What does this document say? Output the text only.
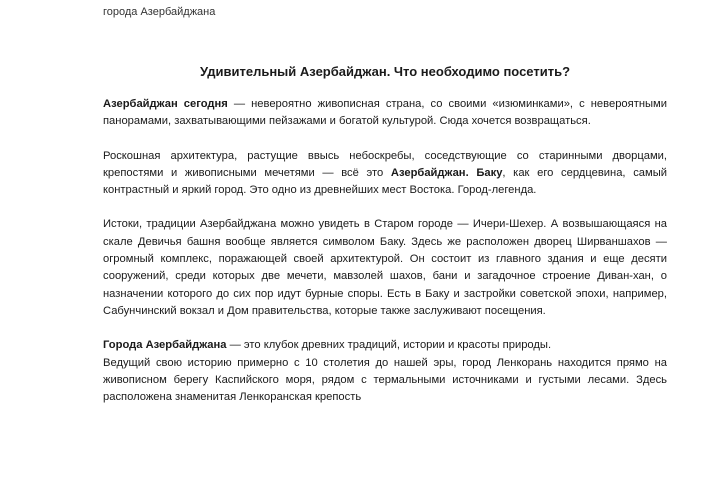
города Азербайджана
Удивительный Азербайджан. Что необходимо посетить?

Азербайджан сегодня — невероятно живописная страна, со своими «изюминками», с невероятными панорамами, захватывающими пейзажами и богатой культурой. Сюда хочется возвращаться.

Роскошная архитектура, растущие ввысь небоскребы, соседствующие со старинными дворцами, крепостями и живописными мечетями — всё это Азербайджан. Баку, как его сердцевина, самый контрастный и яркий город. Это одно из древнейших мест Востока. Город-легенда.

Истоки, традиции Азербайджана можно увидеть в Старом городе — Ичери-Шехер. А возвышающаяся на скале Девичья башня вообще является символом Баку. Здесь же расположен дворец Ширваншахов — огромный комплекс, поражающей своей архитектурой. Он состоит из главного здания и еще десяти сооружений, среди которых две мечети, мавзолей шахов, бани и загадочное строение Диван-хан, о назначении которого до сих пор идут бурные споры. Есть в Баку и застройки советской эпохи, например, Сабунчинский вокзал и Дом правительства, которые также заслуживают посещения.

Города Азербайджана — это клубок древних традиций, истории и красоты природы.

Ведущий свою историю примерно с 10 столетия до нашей эры, город Ленкорань находится прямо на живописном берегу Каспийского моря, рядом с термальными источниками и густыми лесами. Здесь расположена знаменитая Ленкоранская крепость
